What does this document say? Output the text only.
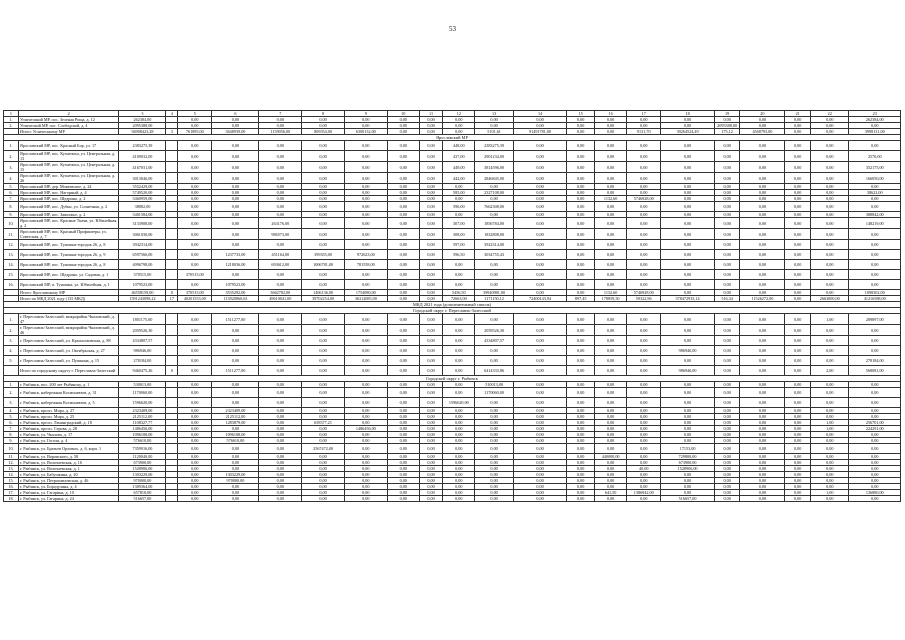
53
1	2	3	4	5	6	7	8	9	10	11	12	13	14	15	16	17	18	19	20	21	22	23
1.	Углическкий МР, пос. Зеленая Роща, д. 12	262384,00		0,00	0,00	0,00	0,00	0,00	0,00	0,00	0,00	0,00	0,00	0,00	0,00	0,00	0,00	0,00	0,00	0,00	0,00	262384,00
2.	Углический МР, пос. Слободской, д. 4	2095388,00		0,00	0,00	0,00	0,00	0,00	0,00	0,00	0,00	0,00	0,00	0,00	0,00	0,00	0,00	2095388,00	0,00	0,00	0,00	0,00
	Итого: Углическкому МР	94908423,28	3	761895,00	3648939,00	1159056,00	809354,00	6300132,00	0,00	0,00	0,00	5101,61	91491781,00	0,00	0,00	9131,70	39264524,49	175,12	4568793,00	0,00	0,00	3998131,00
Ярославский МР																						
1.	Ярославский МР, пос. Красный Бор, ул. 17	2383275,39		0,00	0,00	0,00	0,00	0,00	0,00	0,00	448,00	2383275,39	0,00	0,00	0,00	0,00	0,00	0,00	0,00	0,00	0,00	0,00
2.	Ярославский МР, пос. Кузнечиха, ул. Центральная, д. 13	4109032,00		0,00	0,00	0,00	0,00	0,00	0,00	0,00	437,00	2901234,00	0,00	0,00	0,00	0,00	0,00	0,00	0,00	0,00	0,00	2576,00
3.	Ярославский МР, пос. Кузнечиха, ул. Центральная, д. 15	4167031,00		0,00	0,00	0,00	0,00	0,00	0,00	0,00	449,00	3814596,00	0,00	0,00	0,00	0,00	0,00	0,00	0,00	0,00	0,00	352175,00
4.	Ярославский МР, пос. Кузнечиха, ул. Центральная, д. 26	3013046,00		0,00	0,00	0,00	0,00	0,00	0,00	0,00	442,00	2846845,00	0,00	0,00	0,00	0,00	0,00	0,00	0,00	0,00	0,00	166050,00
5.	Ярославский МР, дер. Мокеевское, д. 24	3552429,00		0,00	0,00	0,00	0,00	0,00	0,00	0,00	0,00	0,00	0,00	0,00	0,00	0,00	0,00	0,00	0,00	0,00	0,00	0,00
6.	Ярославский МР, пос. Нагорный, д. 4	5749520,00		0,00	0,00	0,00	0,00	0,00	0,00	0,00	585,00	2327108,00	0,00	0,00	0,00	0,00	0,00	0,00	0,00	0,00	0,00	38622,00
7.	Ярославский МР, пос. Щедрино, д. 2	5460959,00		0,00	0,00	0,00	0,00	0,00	0,00	0,00	0,00	0,00	0,00	0,00	1132,60	5746928,00	0,00	0,00	0,00	0,00	0,00	0,00
8.	Ярославский МР, пос. Дубки, ул. Солнечная, д. 2	38882,00		0,00	0,00	0,00	0,00	0,00	0,00	0,00	596,00	7662308,00	0,00	0,00	0,00	0,00	0,00	0,00	0,00	0,00	0,00	0,00
9.	Ярославский МР, пос. Заволжье, д. 2	5401584,00		0,00	0,00	0,00	0,00	0,00	0,00	0,00	0,00	0,00	0,00	0,00	0,00	0,00	0,00	0,00	0,00	0,00	0,00	388842,00
10.	Ярославский МР, пос. Красные Ткачи, ул. Юбилейная, д. 2	3133908,00		0,00	0,00	263176,00	0,00	0,00	0,00	0,00	307,00	1856784,00	0,00	0,00	0,00	0,00	0,00	0,00	0,00	0,00	0,00	148219,00
11.	Ярославский МР, пос. Красный Профинтерн, ул. Советская, д. 7	3061030,00		0,00	0,00	986573,00	0,00	0,00	0,00	0,00	308,00	1832808,00	0,00	0,00	0,00	0,00	0,00	0,00	0,00	0,00	0,00	0,00
12.	Ярославский МР, пос. Туношна-городок 26, д. 8	3942314,00		0,00	0,00	0,00	0,00	0,00	0,00	0,00	597,00	3922314,00	0,00	0,00	0,00	0,00	0,00	0,00	0,00	0,00	0,00	0,00
13.	Ярославский МР, пос. Туношна-городок 26, д. 9	6597566,00		0,00	1237733,00	451164,00	399355,00	972623,00	0,00	0,00	596,50	3034755,43	0,00	0,00	0,00	0,00	0,00	0,00	0,00	0,00	0,00	0,00
14.	Ярославский МР, пос. Туношна-городок 26, д. 8	4096798,00		0,00	1218036,00	693612,00	1006781,00	781558,00	0,00	0,00	0,00	0,00	0,00	0,00	0,00	0,00	0,00	0,00	0,00	0,00	0,00	0,00
15.	Ярославский МР, пос. Щедрино, ул. Садовая, д. 1	370515,00		370515,00	0,00	0,00	0,00	0,00	0,00	0,00	0,00	0,00	0,00	0,00	0,00	0,00	0,00	0,00	0,00	0,00	0,00	0,00
16.	Ярославский МР, п. Туношна, ул. Юбилейная, д. 1	1079523,00		0,00	1079523,00	0,00	0,00	0,00	0,00	0,00	0,00	0,00	0,00	0,00	0,00	0,00	0,00	0,00	0,00	0,00	0,00	0,00
	Итого: Ярославскому МР	46558159,00	0	370515,00	3535292,00	3662782,00	1406136,00	1754080,00	0,00	0,00	5456,50	39940981,00	0,00	0,00	1132,60	5746928,00	0,00	0,00	0,00	0,00	0,00	1098302,00
	Итого по МКД 2021 году (135 МКД)	1591243098,22	17	40201553,00	113920860,63	49610041,00	39702254,00	36312085,00	0,00	0,00	72663,00	1171150,12	72400143,94	897,45	178859,50	59322,96	378472935,14	516,34	11526272,00	0,00	2663000,00	41216588,00
МКД 2021 года (дополнительный список)																						
Городской округ г. Переславль-Залесский																						
1.	г. Переславль-Залесский, микрорайон Чкаловский, д. 47	1801175,00		0,00	1511277,00	0,00	0,00	0,00	0,00	0,00	0,00	0,00	0,00	0,00	0,00	0,00	0,00	0,00	0,00	0,00	1,00	289897,00
2.	г. Переславль-Залесский, микрорайон Чкаловский, д. 46	2059526,30		0,00	0,00	0,00	0,00	0,00	0,00	0,00	0,00	2059526,30	0,00	0,00	0,00	0,00	0,00	0,00	0,00	0,00	0,00	0,00
3.	г. Переславль-Залесский, ул. Красноэховская, д. 88	4334807,57		0,00	0,00	0,00	0,00	0,00	0,00	0,00	0,00	4334807,57	0,00	0,00	0,00	0,00	0,00	0,00	0,00	0,00	0,00	0,00
4.	г. Переславль-Залесский, ул. Октябрьская, д. 27	986946,00		0,00	0,00	0,00	0,00	0,00	0,00	0,00	0,00	0,00	0,00	0,00	0,00	0,00	986946,00	0,00	0,00	0,00	0,00	0,00
5.	г. Переславль-Залесский, ул. Пушкина, д. 15	278184,00		0,00	0,00	0,00	0,00	0,00	0,00	0,00	0,00	0,00	0,00	0,00	0,00	0,00	0,00	0,00	0,00	0,00	0,00	278184,00
	Итого по городскому округу г. Переславль-Залесский	9460475,26	0	0,00	1511277,00	0,00	0,00	0,00	0,00	0,00	0,00	6414333,86	0,00	0,00	0,00	0,00	986946,00	0,00	0,00	0,00	2,00	568081,00
Городской округ г. Рыбинск																						
1.	г. Рыбинск, пос. 200 лет Рыбинску, д. 1	530013,00		0,00	0,00	0,00	0,00	0,00	0,00	0,00	0,00	510013,00	0,00	0,00	0,00	0,00	0,00	0,00	0,00	0,00	0,00	0,00
2.	г. Рыбинск, набережная Космонавтов, д. 31	1170060,00		0,00	0,00	0,00	0,00	0,00	0,00	0,00	0,00	1170060,00	0,00	0,00	0,00	0,00	0,00	0,00	0,00	0,00	0,00	0,00
3.	г. Рыбинск, набережная Космонавтов, д. 5	1596620,00		0,00	0,00	0,00	0,00	0,00	0,00	0,00	1596620,00	0,00	0,00	0,00	0,00	0,00	0,00	0,00	0,00	0,00	0,00	0,00
4.	г. Рыбинск, просп. Мира, д. 27	2323409,00		0,00	2323409,00	0,00	0,00	0,00	0,00	0,00	0,00	0,00	0,00	0,00	0,00	0,00	0,00	0,00	0,00	0,00	0,00	0,00
5.	г. Рыбинск, просп. Мира, д. 25	2125112,00		0,00	2125112,00	0,00	0,00	0,00	0,00	0,00	0,00	0,00	0,00	0,00	0,00	0,00	0,00	0,00	0,00	0,00	0,00	0,00
6.	г. Рыбинск, просп. Ленинградский, д. 18	1108327,77		0,00	1283879,00	0,00	658377,21	0,00	0,00	0,00	0,00	0,00	0,00	0,00	0,00	0,00	0,00	0,00	0,00	0,00	1,00	256701,00
7.	г. Рыбинск, просп. Серова, д. 28	1486456,00		0,00	0,00	0,00	0,00	1486456,00	0,00	0,00	0,00	0,00	0,00	0,00	0,00	0,00	0,00	0,00	0,00	0,00	1,00	224291,00
8.	г. Рыбинск, ул. Чкалова, д. 17	1096108,00		0,00	1096108,00	0,00	0,00	0,00	0,00	0,00	0,00	0,00	0,00	0,00	0,00	0,00	0,00	0,00	0,00	0,00	0,00	0,00
9.	г. Рыбинск, ул. Гоголя, д. 4	576610,00		0,00	576610,00	0,00	0,00	0,00	0,00	0,00	0,00	0,00	0,00	0,00	0,00	0,00	0,00	0,00	0,00	0,00	0,00	0,00
10.	г. Рыбинск, ул. Братьев Орловых, д. 6, корп. 1	7359916,00		0,00	0,00	0,00	2567472,00	0,00	0,00	0,00	0,00	0,00	0,00	0,00	0,00	0,00	17153,00	0,00	0,00	0,00	0,00	0,00
11.	г. Рыбинск, ул. Воровского, д. 58	1120040,00		0,00	0,00	0,00	0,00	0,00	0,00	0,00	0,00	0,00	0,00	0,00	440000,00	0,00	729800,00	0,00	0,00	0,00	0,00	0,00
12.	г. Рыбинск, ул. Волочаевская, д. 16	673900,00		0,00	0,00	0,00	0,00	0,00	0,00	0,00	0,00	0,00	0,00	0,00	0,00	0,00	673900,00	0,00	0,00	0,00	0,00	0,00
13.	г. Рыбинск, ул. Волочаевская, д. 1	1528906,00		0,00	0,00	0,00	0,00	0,00	0,00	0,00	0,00	0,00	0,00	0,00	0,00	40,00	1528906,00	0,00	0,00	0,00	0,00	0,00
14.	г. Рыбинск, ул. Бабушкина, д. 20	1303229,00		0,00	1303229,00	0,00	0,00	0,00	0,00	0,00	0,00	0,00	0,00	0,00	0,00	0,00	0,00	0,00	0,00	0,00	0,00	0,00
15.	г. Рыбинск, ул. Петропавловская, д. 46	970000,00		0,00	970000,00	0,00	0,00	0,00	0,00	0,00	0,00	0,00	0,00	0,00	0,00	0,00	0,00	0,00	0,00	0,00	0,00	0,00
16.	г. Рыбинск, ул. Бородулина, д. 4	1309364,00		0,00	0,00	0,00	0,00	0,00	0,00	0,00	0,00	0,00	0,00	0,00	0,00	0,00	0,00	0,00	0,00	0,00	0,00	0,00
17.	г. Рыбинск, ул. Гагарина, д. 10	657810,00		0,00	0,00	0,00	0,00	0,00	0,00	0,00	0,00	0,00	0,00	0,00	641,50	1386942,00	0,00	0,00	0,00	0,00	1,00	136880,00
18.	г. Рыбинск, ул. Гагарина, д. 24	516657,00		0,00	0,00	0,00	0,00	0,00	0,00	0,00	0,00	0,00	0,00	0,00	0,00	0,00	516657,00	0,00	0,00	0,00	0,00	0,00
